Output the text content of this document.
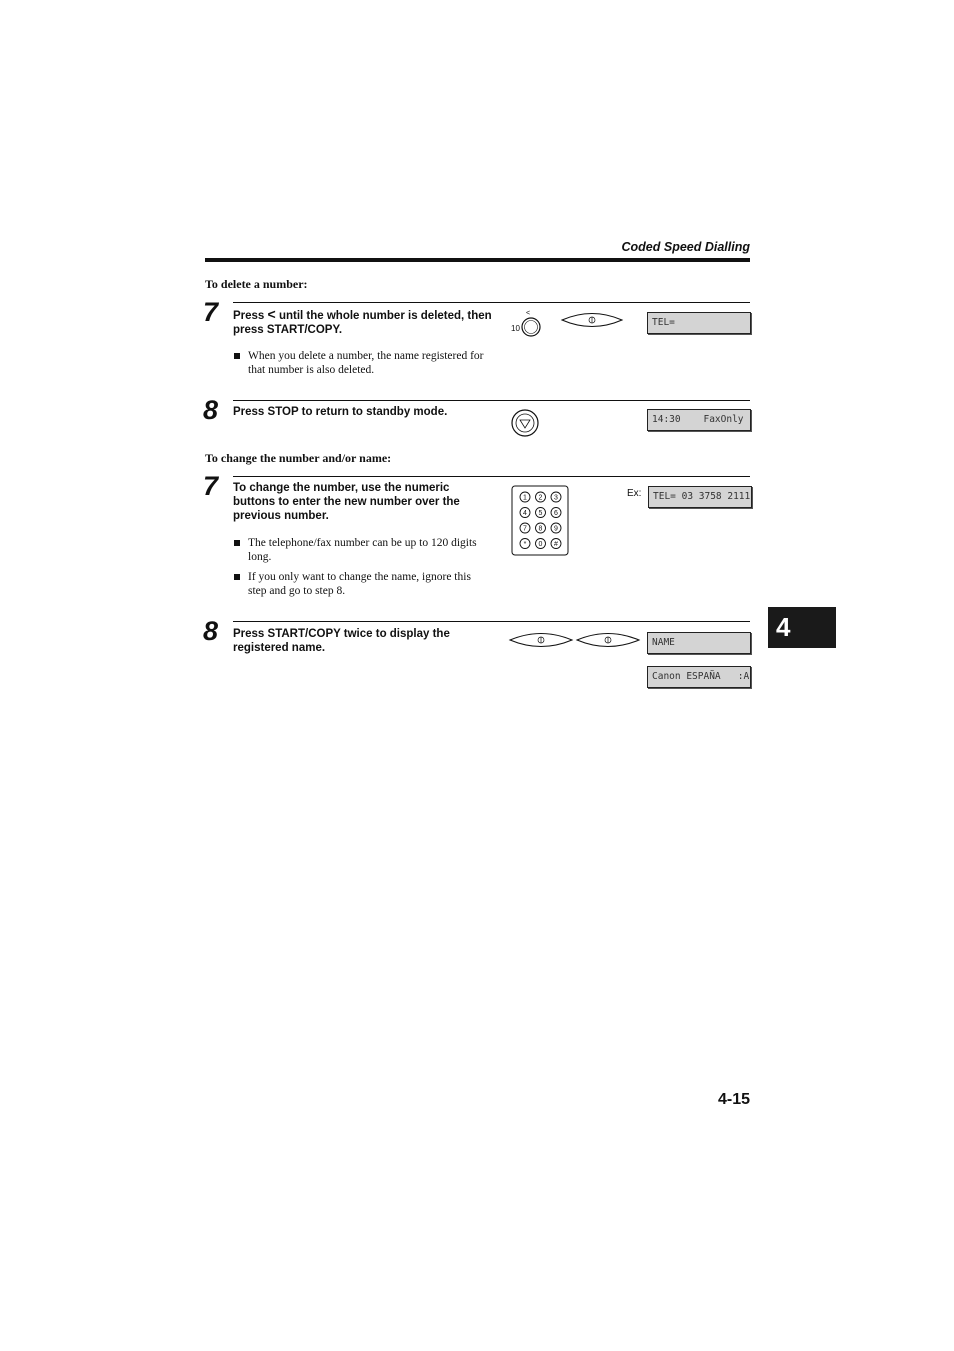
Coded Speed Dialling
To delete a number:
7 Press < until the whole number is deleted, then press START/COPY.
When you delete a number, the name registered for that number is also deleted.
<
10
TEL=
8 Press STOP to return to standby mode.
14:30    FaxOnly
To change the number and/or name:
7 To change the number, use the numeric buttons to enter the new number over the previous number.
The telephone/fax number can be up to 120 digits long.
If you only want to change the name, ignore this step and go to step 8.
1 2 3
4 5 6
7 8 9
* 0 #
Ex:	TEL= 03 3758 2111
8 Press START/COPY twice to display the registered name.	NAME
Canon ESPAÑA   :A
4
4-15
